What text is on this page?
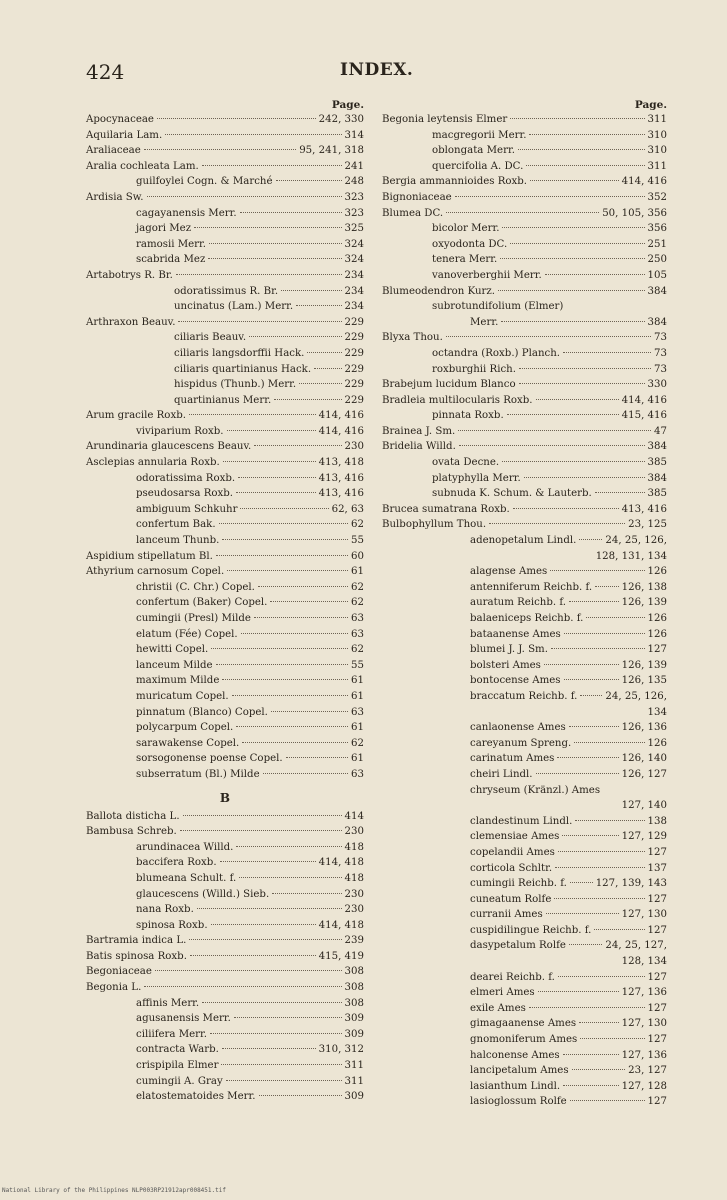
424	INDEX.
Page.
Apocynaceae	242, 330
Aquilaria Lam.	314
Araliaceae	95, 241, 318
Aralia cochleata Lam.	241
guilfoylei Cogn. & Marché	248
Ardisia Sw.	323
cagayanensis Merr.	323
jagori Mez	325
ramosii Merr.	324
scabrida Mez	324
Artabotrys R. Br.	234
odoratissimus R. Br.	234
uncinatus (Lam.) Merr.	234
Arthraxon Beauv.	229
ciliaris Beauv.	229
ciliaris langsdorffii Hack.	229
ciliaris quartinianus Hack.	229
hispidus (Thunb.) Merr.	229
quartinianus Merr.	229
Arum gracile Roxb.	414, 416
viviparium Roxb.	414, 416
Arundinaria glaucescens Beauv.	230
Asclepias annularia Roxb.	413, 418
odoratissima Roxb.	413, 416
pseudosarsa Roxb.	413, 416
ambiguum Schkuhr	62, 63
confertum Bak.	62
lanceum Thunb.	55
Aspidium stipellatum Bl.	60
Athyrium carnosum Copel.	61
christii (C. Chr.) Copel.	62
confertum (Baker) Copel.	62
cumingii (Presl) Milde	63
elatum (Fée) Copel.	63
hewitti Copel.	62
lanceum Milde	55
maximum Milde	61
muricatum Copel.	61
pinnatum (Blanco) Copel.	63
polycarpum Copel.	61
sarawakense Copel.	62
sorsogonense poense Copel.	61
subserratum (Bl.) Milde	63
B
Ballota disticha L.	414
Bambusa Schreb.	230
arundinacea Willd.	418
baccifera Roxb.	414, 418
blumeana Schult. f.	418
glaucescens (Willd.) Sieb.	230
nana Roxb.	230
spinosa Roxb.	414, 418
Bartramia indica L.	239
Batis spinosa Roxb.	415, 419
Begoniaceae	308
Begonia L.	308
affinis Merr.	308
agusanensis Merr.	309
ciliifera Merr.	309
contracta Warb.	310, 312
crispipila Elmer	311
cumingii A. Gray	311
elatostematoides Merr.	309
Page.
Begonia leytensis Elmer	311
macgregorii Merr.	310
oblongata Merr.	310
quercifolia A. DC.	311
Bergia ammannioides Roxb.	414, 416
Bignoniaceae	352
Blumea DC.	50, 105, 356
bicolor Merr.	356
oxyodonta DC.	251
tenera Merr.	250
vanoverberghii Merr.	105
Blumeodendron Kurz.	384
subrotundifolium (Elmer)
Merr.	384
Blyxa Thou.	73
octandra (Roxb.) Planch.	73
roxburghii Rich.	73
Brabejum lucidum Blanco	330
Bradleia multilocularis Roxb.	414, 416
pinnata Roxb.	415, 416
Brainea J. Sm.	47
Bridelia Willd.	384
ovata Decne.	385
platyphylla Merr.	384
subnuda K. Schum. & Lauterb.	385
Brucea sumatrana Roxb.	413, 416
Bulbophyllum Thou.	23, 125
adenopetalum Lindl.	24, 25, 126,
128, 131, 134
alagense Ames	126
antenniferum Reichb. f.	126, 138
auratum Reichb. f.	126, 139
balaeniceps Reichb. f.	126
bataanense Ames	126
blumei J. J. Sm.	127
bolsteri Ames	126, 139
bontocense Ames	126, 135
braccatum Reichb. f.	24, 25, 126,
134
canlaonense Ames	126, 136
careyanum Spreng.	126
carinatum Ames	126, 140
cheiri Lindl.	126, 127
chryseum (Kränzl.) Ames
127, 140
clandestinum Lindl.	138
clemensiae Ames	127, 129
copelandii Ames	127
corticola Schltr.	137
cumingii Reichb. f.	127, 139, 143
cuneatum Rolfe	127
curranii Ames	127, 130
cuspidilingue Reichb. f.	127
dasypetalum Rolfe	24, 25, 127,
128, 134
dearei Reichb. f.	127
elmeri Ames	127, 136
exile Ames	127
gimagaanense Ames	127, 130
gnomoniferum Ames	127
halconense Ames	127, 136
lancipetalum Ames	23, 127
lasianthum Lindl.	127, 128
lasioglossum Rolfe	127
National Library of the Philippines NLP003RP21912apr008451.tif
